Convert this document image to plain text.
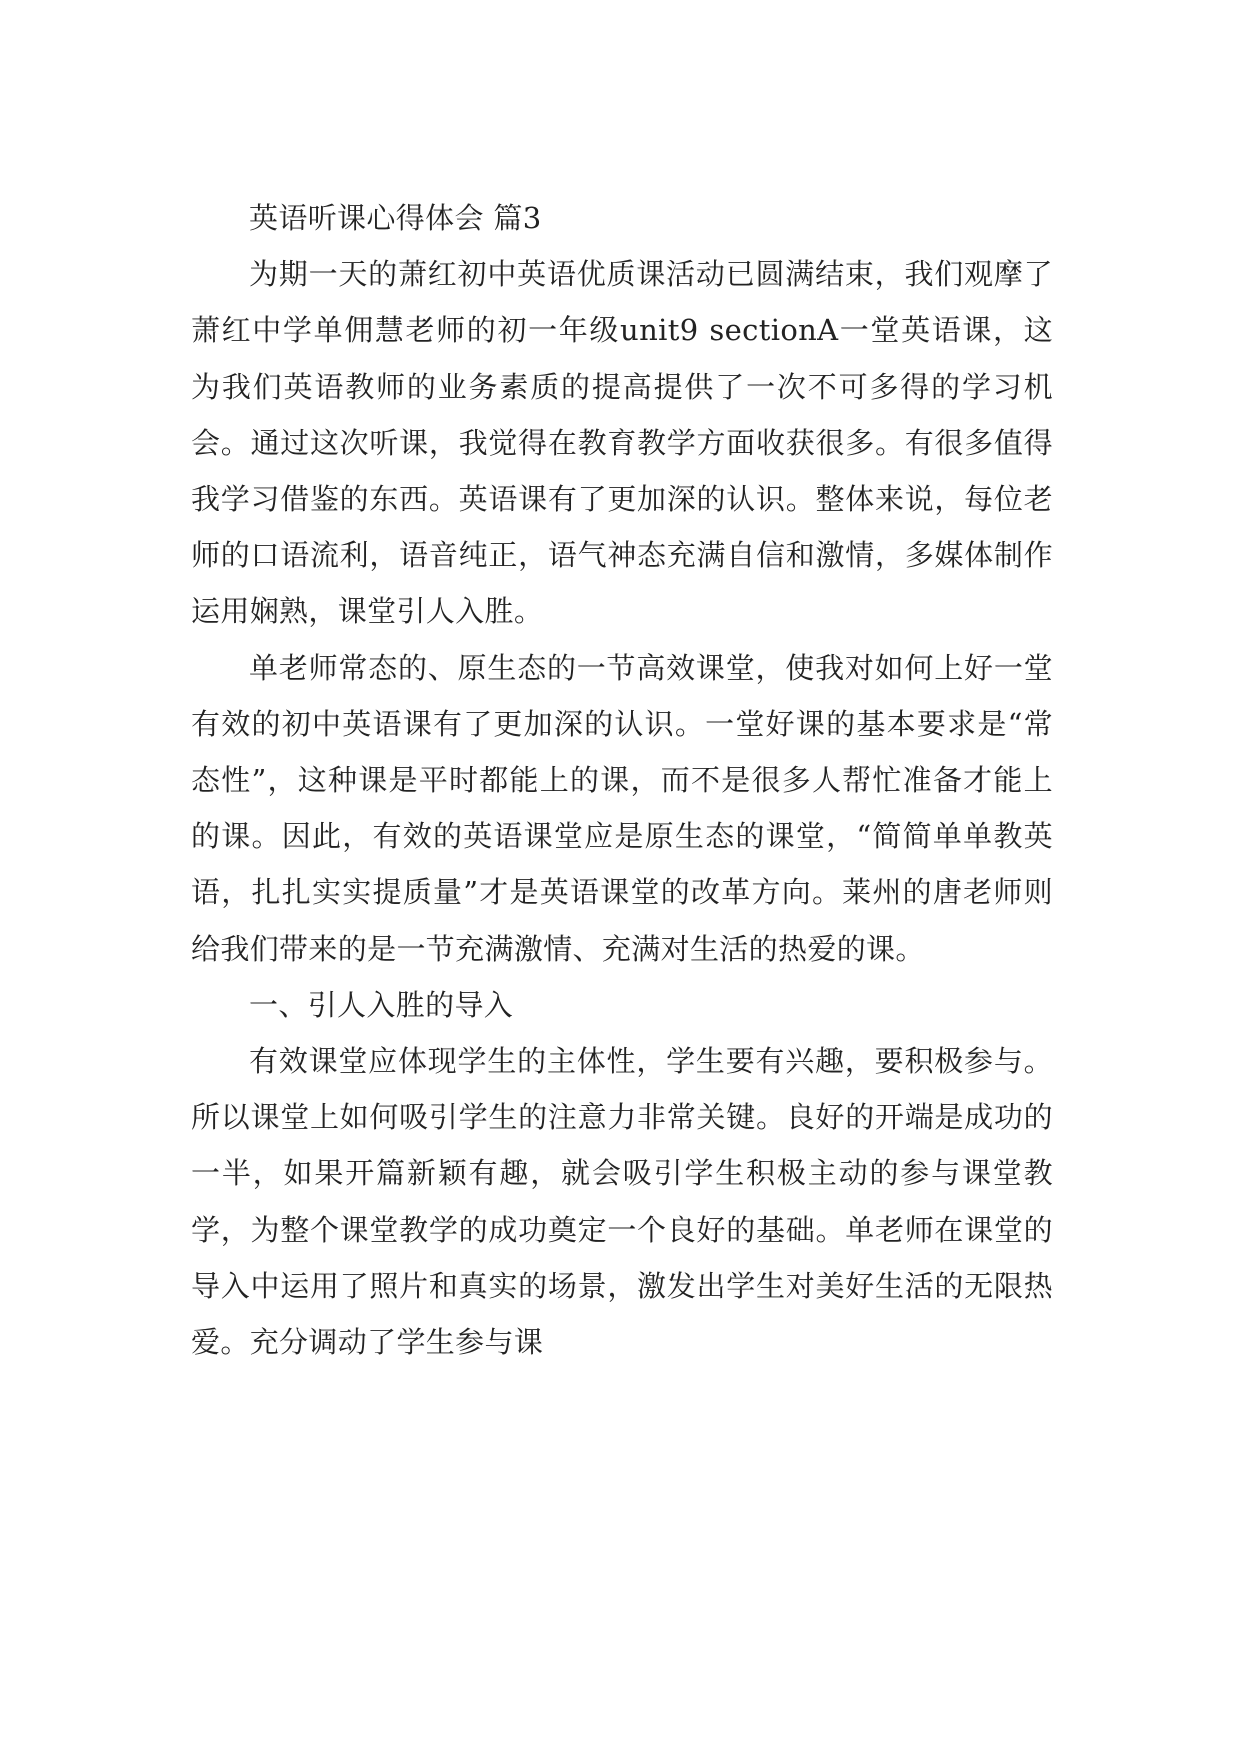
英语听课心得体会 篇3

为期一天的萧红初中英语优质课活动已圆满结束，我们观摩了萧红中学单佣慧老师的初一年级unit9 sectionA一堂英语课，这为我们英语教师的业务素质的提高提供了一次不可多得的学习机会。通过这次听课，我觉得在教育教学方面收获很多。有很多值得我学习借鉴的东西。英语课有了更加深的认识。整体来说，每位老师的口语流利，语音纯正，语气神态充满自信和激情，多媒体制作运用娴熟，课堂引人入胜。

单老师常态的、原生态的一节高效课堂，使我对如何上好一堂有效的初中英语课有了更加深的认识。一堂好课的基本要求是“常态性”，这种课是平时都能上的课，而不是很多人帮忙准备才能上的课。因此，有效的英语课堂应是原生态的课堂，“简简单单教英语，扎扎实实提质量”才是英语课堂的改革方向。莱州的唐老师则给我们带来的是一节充满激情、充满对生活的热爱的课。

一、引人入胜的导入

有效课堂应体现学生的主体性，学生要有兴趣，要积极参与。所以课堂上如何吸引学生的注意力非常关键。良好的开端是成功的一半，如果开篇新颖有趣，就会吸引学生积极主动的参与课堂教学，为整个课堂教学的成功奠定一个良好的基础。单老师在课堂的导入中运用了照片和真实的场景，激发出学生对美好生活的无限热爱。充分调动了学生参与课
